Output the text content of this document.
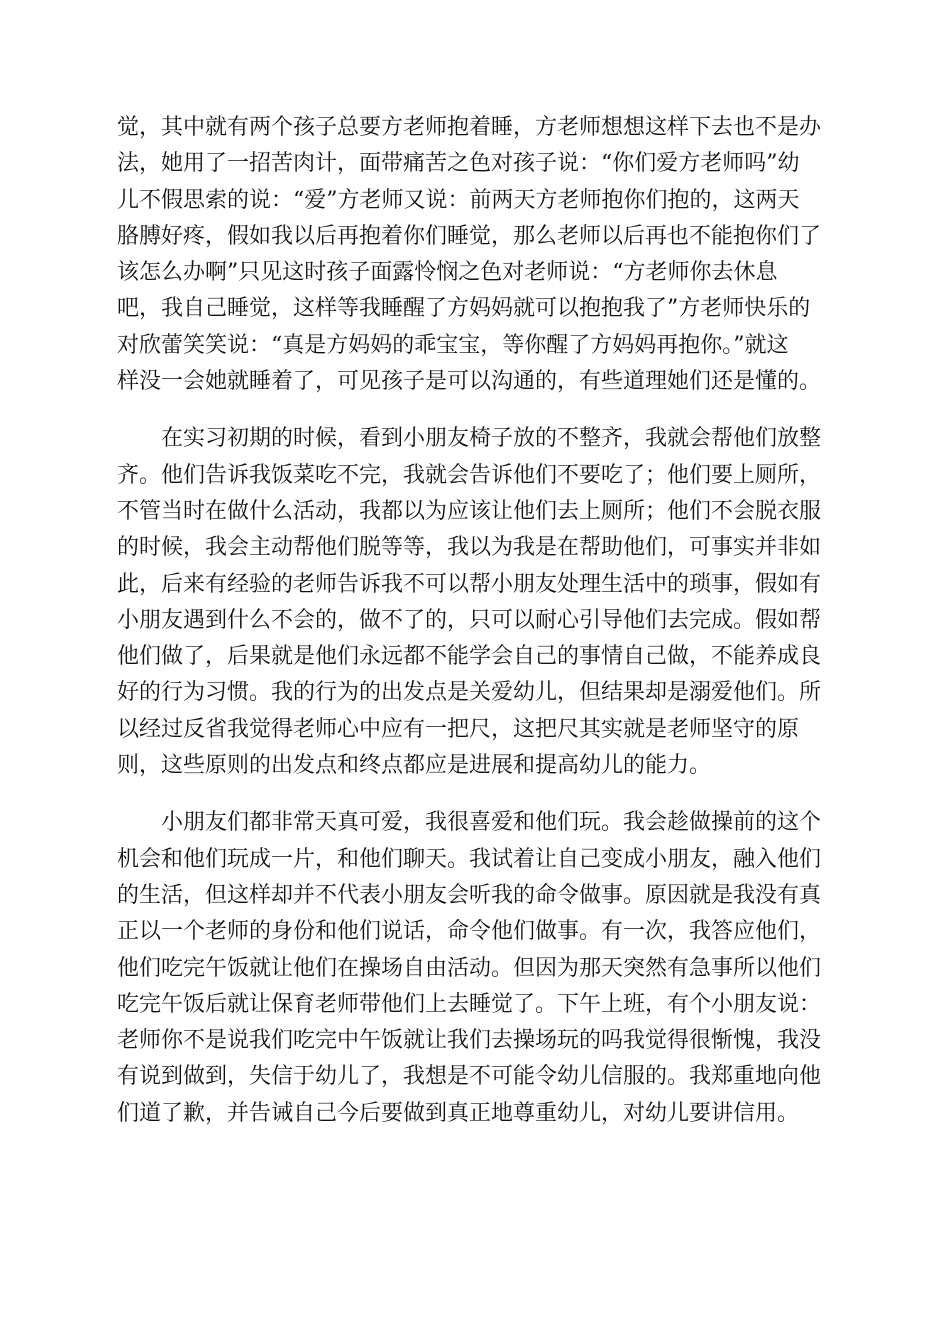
觉，其中就有两个孩子总要方老师抱着睡，方老师想想这样下去也不是办
法，她用了一招苦肉计，面带痛苦之色对孩子说：“你们爱方老师吗”幼
儿不假思索的说：“爱”方老师又说：前两天方老师抱你们抱的，这两天
胳膊好疼，假如我以后再抱着你们睡觉，那么老师以后再也不能抱你们了
该怎么办啊”只见这时孩子面露怜悯之色对老师说：“方老师你去休息
吧，我自己睡觉，这样等我睡醒了方妈妈就可以抱抱我了”方老师快乐的
对欣蕾笑笑说：“真是方妈妈的乖宝宝，等你醒了方妈妈再抱你。”就这
样没一会她就睡着了，可见孩子是可以沟通的，有些道理她们还是懂的。
在实习初期的时候，看到小朋友椅子放的不整齐，我就会帮他们放整
齐。他们告诉我饭菜吃不完，我就会告诉他们不要吃了；他们要上厕所，
不管当时在做什么活动，我都以为应该让他们去上厕所；他们不会脱衣服
的时候，我会主动帮他们脱等等，我以为我是在帮助他们，可事实并非如
此，后来有经验的老师告诉我不可以帮小朋友处理生活中的琐事，假如有
小朋友遇到什么不会的，做不了的，只可以耐心引导他们去完成。假如帮
他们做了，后果就是他们永远都不能学会自己的事情自己做，不能养成良
好的行为习惯。我的行为的出发点是关爱幼儿，但结果却是溺爱他们。所
以经过反省我觉得老师心中应有一把尺，这把尺其实就是老师坚守的原
则，这些原则的出发点和终点都应是进展和提高幼儿的能力。
小朋友们都非常天真可爱，我很喜爱和他们玩。我会趁做操前的这个
机会和他们玩成一片，和他们聊天。我试着让自己变成小朋友，融入他们
的生活，但这样却并不代表小朋友会听我的命令做事。原因就是我没有真
正以一个老师的身份和他们说话，命令他们做事。有一次，我答应他们，
他们吃完午饭就让他们在操场自由活动。但因为那天突然有急事所以他们
吃完午饭后就让保育老师带他们上去睡觉了。下午上班，有个小朋友说：
老师你不是说我们吃完中午饭就让我们去操场玩的吗我觉得很惭愧，我没
有说到做到，失信于幼儿了，我想是不可能令幼儿信服的。我郑重地向他
们道了歉，并告诫自己今后要做到真正地尊重幼儿，对幼儿要讲信用。
